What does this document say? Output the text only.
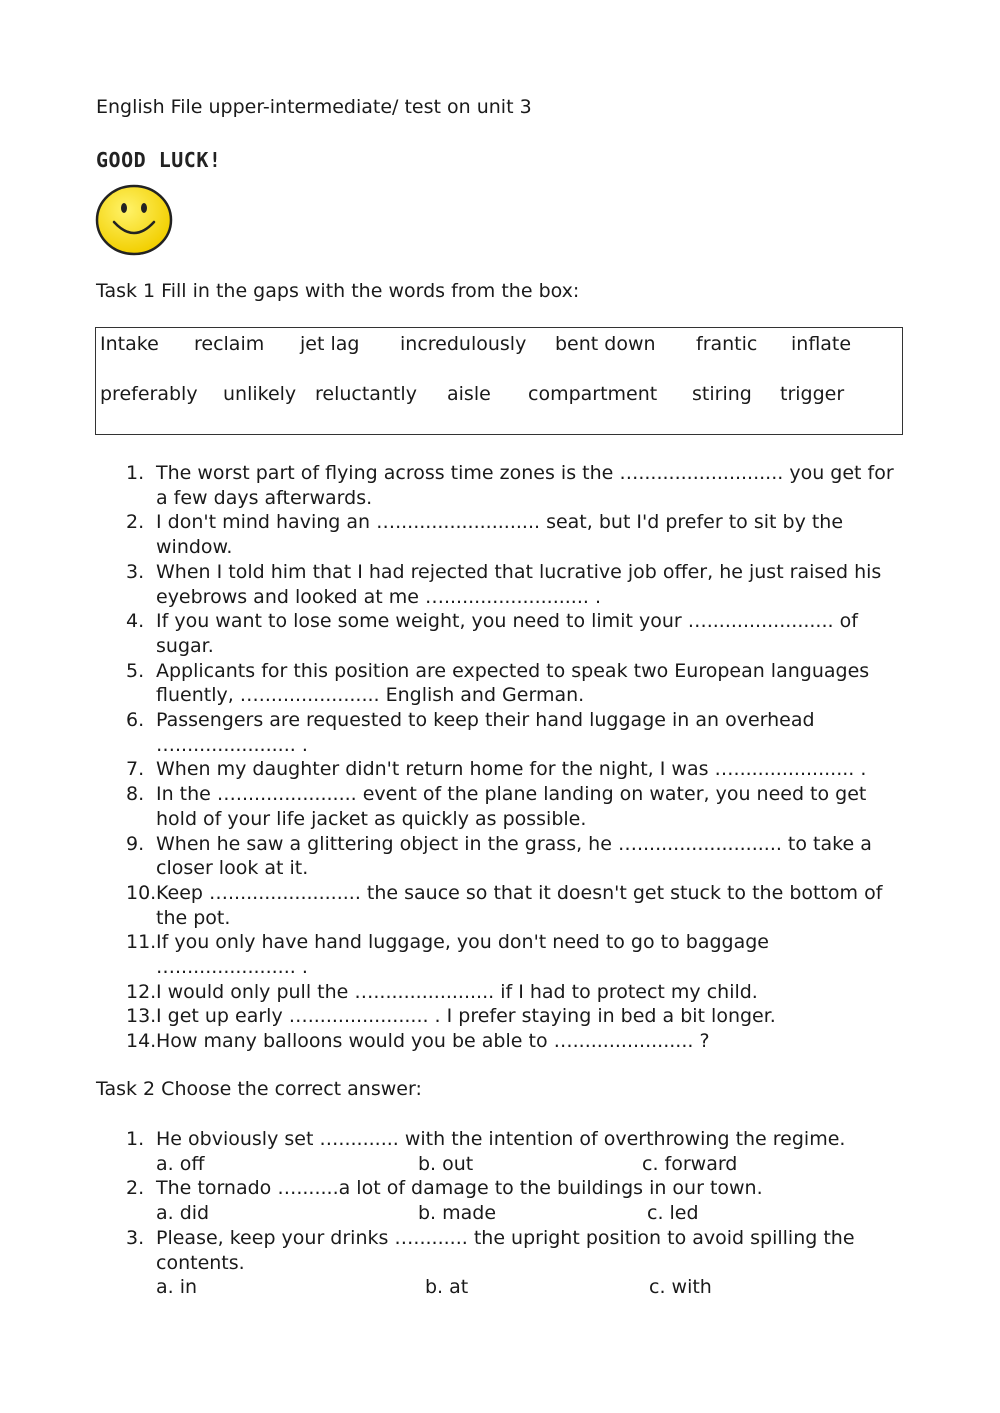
English File upper-intermediate/ test on unit 3
GOOD LUCK!
Task 1 Fill in the gaps with the words from the box:
Intake reclaim jet lag incredulously bent down frantic inflate
preferably unlikely reluctantly aisle compartment stiring trigger
1. The worst part of flying across time zones is the …........................ you get for a few days afterwards.
2. I don't mind having an …........................ seat, but I'd prefer to sit by the window.
3. When I told him that I had rejected that lucrative job offer, he just raised his eyebrows and looked at me …........................ .
4. If you want to lose some weight, you need to limit your …..................... of sugar.
5. Applicants for this position are expected to speak two European languages fluently, ….................... English and German.
6. Passengers are requested to keep their hand luggage in an overhead ….................... .
7. When my daughter didn't return home for the night, I was ….................... .
8. In the ….................... event of the plane landing on water, you need to get hold of your life jacket as quickly as possible.
9. When he saw a glittering object in the grass, he …........................ to take a closer look at it.
10. Keep …...................... the sauce so that it doesn't get stuck to the bottom of the pot.
11. If you only have hand luggage, you don't need to go to baggage ….................... .
12. I would only pull the ….................... if I had to protect my child.
13. I get up early ….................... . I prefer staying in bed a bit longer.
14. How many balloons would you be able to ….................... ?
Task 2 Choose the correct answer:
1. He obviously set ….......... with the intention of overthrowing the regime.
a. off	b. out	c. forward
2. The tornado ….......a lot of damage to the buildings in our town.
a. did	b. made	c. led
3. Please, keep your drinks …......... the upright position to avoid spilling the contents.
a. in	b. at	c. with
